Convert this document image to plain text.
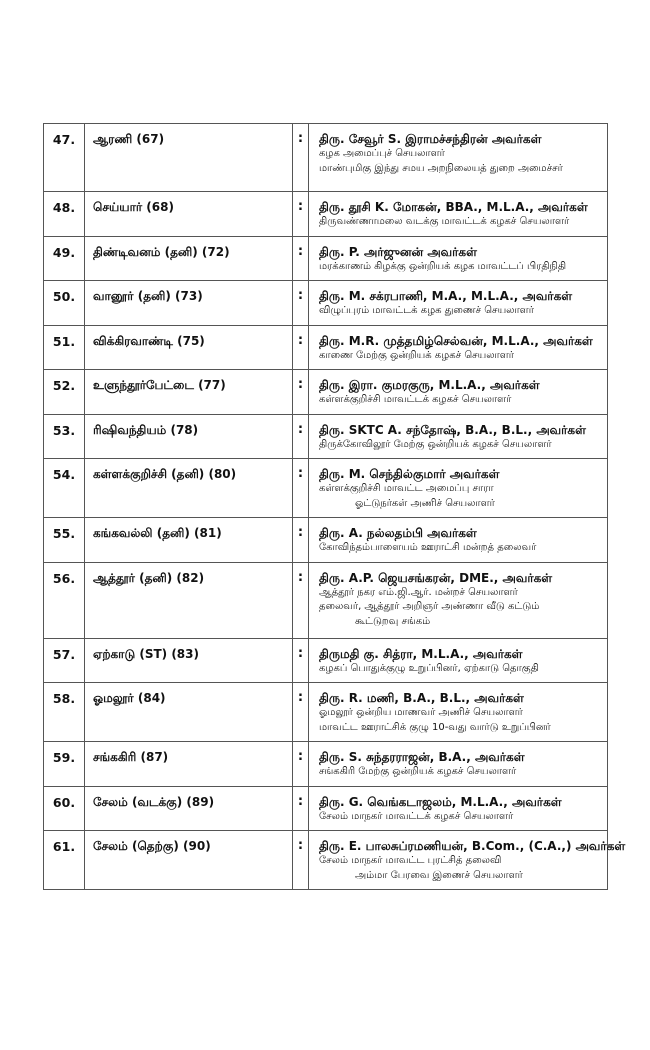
47.	ஆரணி (67)	:	திரு. சேவூர் S. இராமச்சந்திரன் அவர்கள்
கழக அமைப்புச் செயலாளர்
மாண்புமிகு இந்து சமய அறநிலையத் துறை அமைச்சர்

48.	செய்யார் (68)	:	திரு. தூசி K. மோகன், BBA., M.L.A., அவர்கள்
திருவண்ணாமலை வடக்கு மாவட்டக் கழகச் செயலாளர்

49.	திண்டிவனம் (தனி) (72)	:	திரு. P. அர்ஜுனன் அவர்கள்
மரக்காணம் கிழக்கு ஒன்றியக் கழக மாவட்டப் பிரதிநிதி

50.	வானூர் (தனி) (73)	:	திரு. M. சக்ரபாணி, M.A., M.L.A., அவர்கள்
விழுப்புரம் மாவட்டக் கழக துணைச் செயலாளர்

51.	விக்கிரவாண்டி (75)	:	திரு. M.R. முத்தமிழ்செல்வன், M.L.A., அவர்கள்
காணை மேற்கு ஒன்றியக் கழகச் செயலாளர்

52.	உளுந்தூர்பேட்டை (77)	:	திரு. இரா. குமரகுரு, M.L.A., அவர்கள்
கள்ளக்குறிச்சி மாவட்டக் கழகச் செயலாளர்

53.	ரிஷிவந்தியம் (78)	:	திரு. SKTC A. சந்தோஷ், B.A., B.L., அவர்கள்
திருக்கோவிலூர் மேற்கு ஒன்றியக் கழகச் செயலாளர்

54.	கள்ளக்குறிச்சி (தனி) (80)	:	திரு. M. செந்தில்குமார் அவர்கள்
கள்ளக்குறிச்சி மாவட்ட அமைப்பு சாரா
ஓட்டுநர்கள் அணிச் செயலாளர்

55.	கங்கவல்லி (தனி) (81)	:	திரு. A. நல்லதம்பி அவர்கள்
கோவிந்தம்பாளையம் ஊராட்சி மன்றத் தலைவர்

56.	ஆத்தூர் (தனி) (82)	:	திரு. A.P. ஜெயசங்கரன், DME., அவர்கள்
ஆத்தூர் நகர எம்.ஜி.ஆர். மன்றச் செயலாளர்
தலைவர், ஆத்தூர் அறிஞர் அண்ணா வீடு கட்டும்
கூட்டுறவு சங்கம்

57.	ஏற்காடு (ST) (83)	:	திருமதி கு. சித்ரா, M.L.A., அவர்கள்
கழகப் பொதுக்குழு உறுப்பினர், ஏற்காடு தொகுதி

58.	ஓமலூர் (84)	:	திரு. R. மணி, B.A., B.L., அவர்கள்
ஓமலூர் ஒன்றிய மாணவர் அணிச் செயலாளர்
மாவட்ட ஊராட்சிக் குழு 10-வது வார்டு உறுப்பினர்

59.	சங்ககிரி (87)	:	திரு. S. சுந்தரராஜன், B.A., அவர்கள்
சங்ககிரி மேற்கு ஒன்றியக் கழகச் செயலாளர்

60.	சேலம் (வடக்கு) (89)	:	திரு. G. வெங்கடாஜலம், M.L.A., அவர்கள்
சேலம் மாநகர் மாவட்டக் கழகச் செயலாளர்

61.	சேலம் (தெற்கு) (90)	:	திரு. E. பாலசுப்ரமணியன், B.Com., (C.A.,) அவர்கள்
சேலம் மாநகர் மாவட்ட புரட்சித் தலைவி
அம்மா பேரவை இணைச் செயலாளர்
